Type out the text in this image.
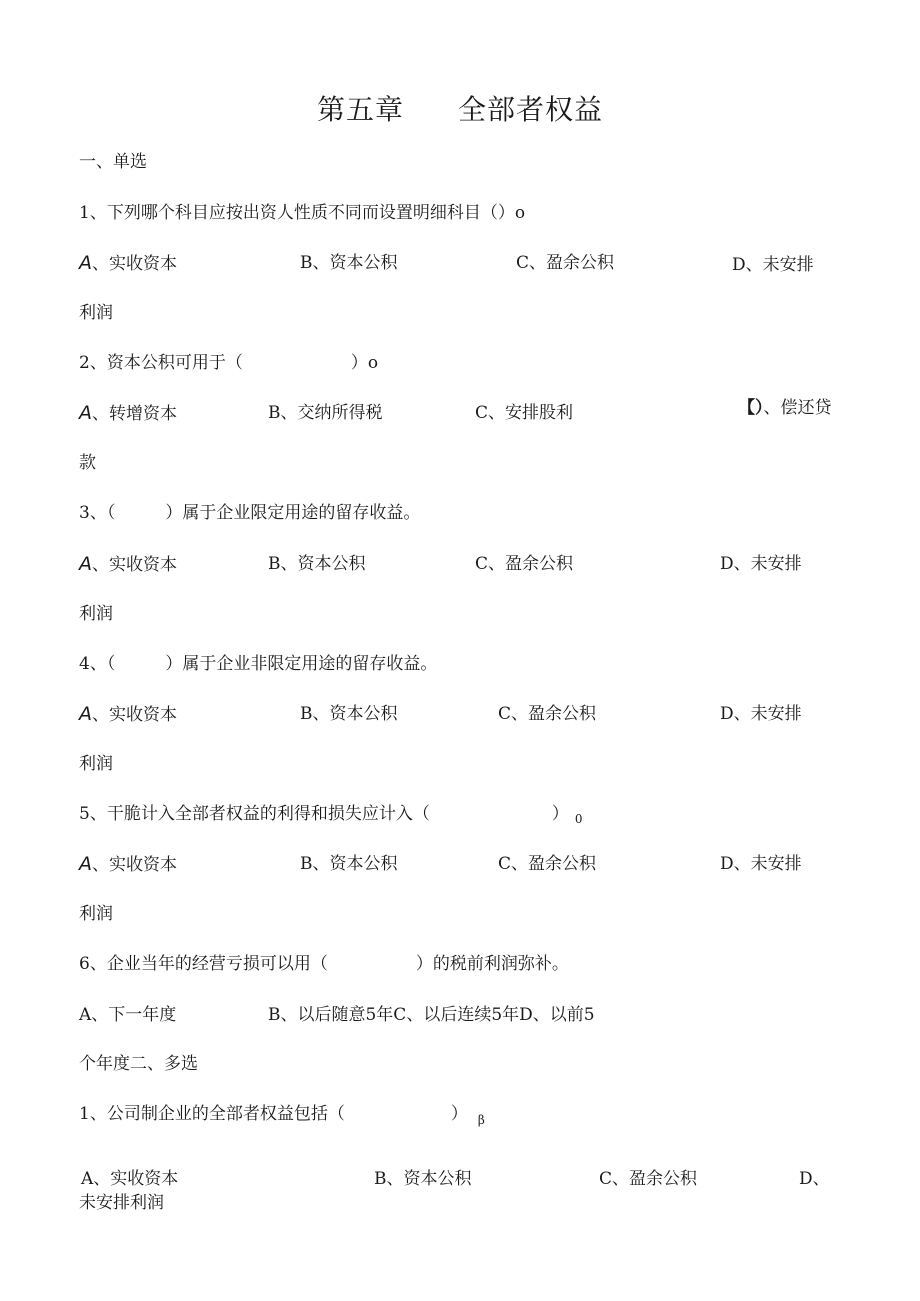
第五章 全部者权益
一、单选
1、下列哪个科目应按出资人性质不同而设置明细科目（）o
A、实收资本	B、资本公积	C、盈余公积	D、未安排
利润
2、资本公积可用于（	）o
A、转增资本	B、交纳所得税	C、安排股利	【）、偿还贷
款
3、（	）属于企业限定用途的留存收益。
A、实收资本	B、资本公积	C、盈余公积	D、未安排
利润
4、（	）属于企业非限定用途的留存收益。
A、实收资本	B、资本公积	C、盈余公积	D、未安排
利润
5、干脆计入全部者权益的利得和损失应计入（	） $_0$
A、实收资本	B、资本公积	C、盈余公积	D、未安排
利润
6、企业当年的经营亏损可以用（	）的税前利润弥补。
A、下一年度	B、以后随意5年C、以后连续5年D、以前5
个年度二、多选
1、公司制企业的全部者权益包括（	） $_\beta$
A、实收资本	B、资本公积	C、盈余公积	D、
未安排利润
